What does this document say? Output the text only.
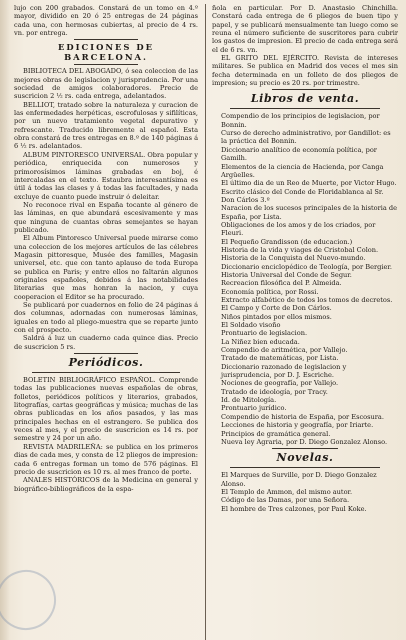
lujo con 200 grabados. Constará de un tomo en 4.º mayor, dividido en 20 ó 25 entregas de 24 páginas cada una, con hermosas cubiertas, al precio de 4 rs. vn. por entrega.

EDICIONES DE BARCELONA.

BIBLIOTECA DEL ABOGADO, ó sea coleccion de las mejores obras de legislacion y jurisprudencia. Por una sociedad de amigos colaboradores. Precio de suscricion 2 ½ rs. cada entrega, adelantados.

BELLIOT, tratado sobre la naturaleza y curacion de las enfermedades herpéticas, escrofulosas y sifilíticas, por un nuevo tratamiento vegetal depurativo y refrescante. Traducido libremente al español. Esta obra constará de tres entregas en 8.º de 140 páginas á 6 ½ rs. adelantados.

ALBUM PINTORESCO UNIVERSAL. Obra popular y periódica, enriquecida con numerosos y primorosísimos láminas grabadas en boj, é intercaladas en el texto. Estaubra interesantísima es útil á todas las clases y á todas las facultades, y nada excluye de cuanto puede instruir ó deleitar.

No reconoce rival en España tocante al género de las láminas, en que abundará escesivamente y mas que ninguna de cuantas obras semejantes se hayan publicado.

El Album Pintoresco Universal puede mirarse como una coleccion de los mejores artículos de las célebres Magasin pittoresque, Musée des familles, Magasin universel, etc. que con tanto aplauso de toda Europa se publica en Paris; y entre ellos no faltarán algunos originales españoles, debidos á las notabilidades literarias que mas honran la nacion, y cuya cooperacion el Editor se ha procurado.

Se publicará por cuadernos en folio de 24 páginas á dos columnas, adornadas con numerosas láminas, iguales en todo al pliego-muestra que se reparte junto con el prospecto.

Saldrá á luz un cuaderno cada quince dias. Precio de suscricion 5 rs.

Periódicos.

BOLETIN BIBLIOGRÁFICO ESPAÑOL. Comprende todas las publicaciones nuevas españolas de obras, folletos, periódicos políticos y literarios, grabados, litografías, cartas geográficas y música; muchas de las obras publicadas en los años pasados, y las mas principales hechas en el estrangero. Se publica dos veces al mes, y el precio de suscricion es 14 rs. por semestre y 24 por un año.

REVISTA MADRILEÑA: se publica en los primeros dias de cada mes, y consta de 12 pliegos de impresion: cada 6 entregas forman un tomo de 576 páginas. El precio de suscricion es 10 rs. al mes franco de porte.

ANALES HISTÓRICOS de la Medicina en general y biográfico-bibliográficos de la espa-

ñola en particular. Por D. Anastasio Chinchilla. Constará cada entrega de 6 pliegos de buen tipo y papel, y se publicará mensualmente tan luego como se reuna el número suficiente de suscritores para cubrir los gastos de impresion. El precio de cada entrega será el de 6 rs. vn.

EL GRITO DEL EJÉRCITO. Revista de intereses militares. Se publica en Madrid dos veces el mes sin fecha determinada en un folleto de dos pliegos de impresion; su precio es 20 rs. por trimestre.

Libros de venta.

Compendio de los principios de legislacion, por Bonnin.

Curso de derecho administrativo, por Gandillot: es la práctica del Bonnin.

Diccionario analítico de economía política, por Gamilh.

Elementos de la ciencia de Hacienda, por Canga Argüelles.

El último dia de un Reo de Muerte, por Victor Hugo.

Escrito clásico del Conde de Floridablanca al Sr. Don Cárlos 3.º

Naracion de los sucesos principales de la historia de España, por Lista.

Obligaciones de los amos y de los criados, por Fleuri.

El Pequeño Grandisson (de educacion.)

Historia de la vida y viages de Cristobal Colon.

Historia de la Conquista del Nuevo-mundo.

Diccionario enciclopédico de Teología, por Bergier.

Historia Universal del Conde de Segur.

Recreacion filosófica del P. Almeida.

Economía política, por Rossi.

Extracto alfabético de todos los tomos de decretos.

El Campo y Corte de Don Cárlos.

Niños pintados por ellos mismos.

El Soldado visoño

Prontuario de legislacion.

La Niñez bien educada.

Compendio de aritmética, por Vallejo.

Tratado de matemáticas, por Lista.

Diccionario razonado de legislacion y jurisprudencia, por D. J. Escriche.

Nociones de geografía, por Vallejo.

Tratado de ideología, por Tracy.

Id. de Mitología.

Prontuario jurídico.

Compendio de historia de España, por Escosura.

Lecciones de historia y geografía, por Iriarte.

Principios de gramática general.

Nueva ley Agraria, por D. Diego Gonzalez Alonso.

Novelas.

El Marques de Surville, por D. Diego Gonzalez Alonso.

El Templo de Ammon, del mismo autor.

Código de las Damas, por una Señora.

El hombre de Tres calzones, por Paul Koke.
